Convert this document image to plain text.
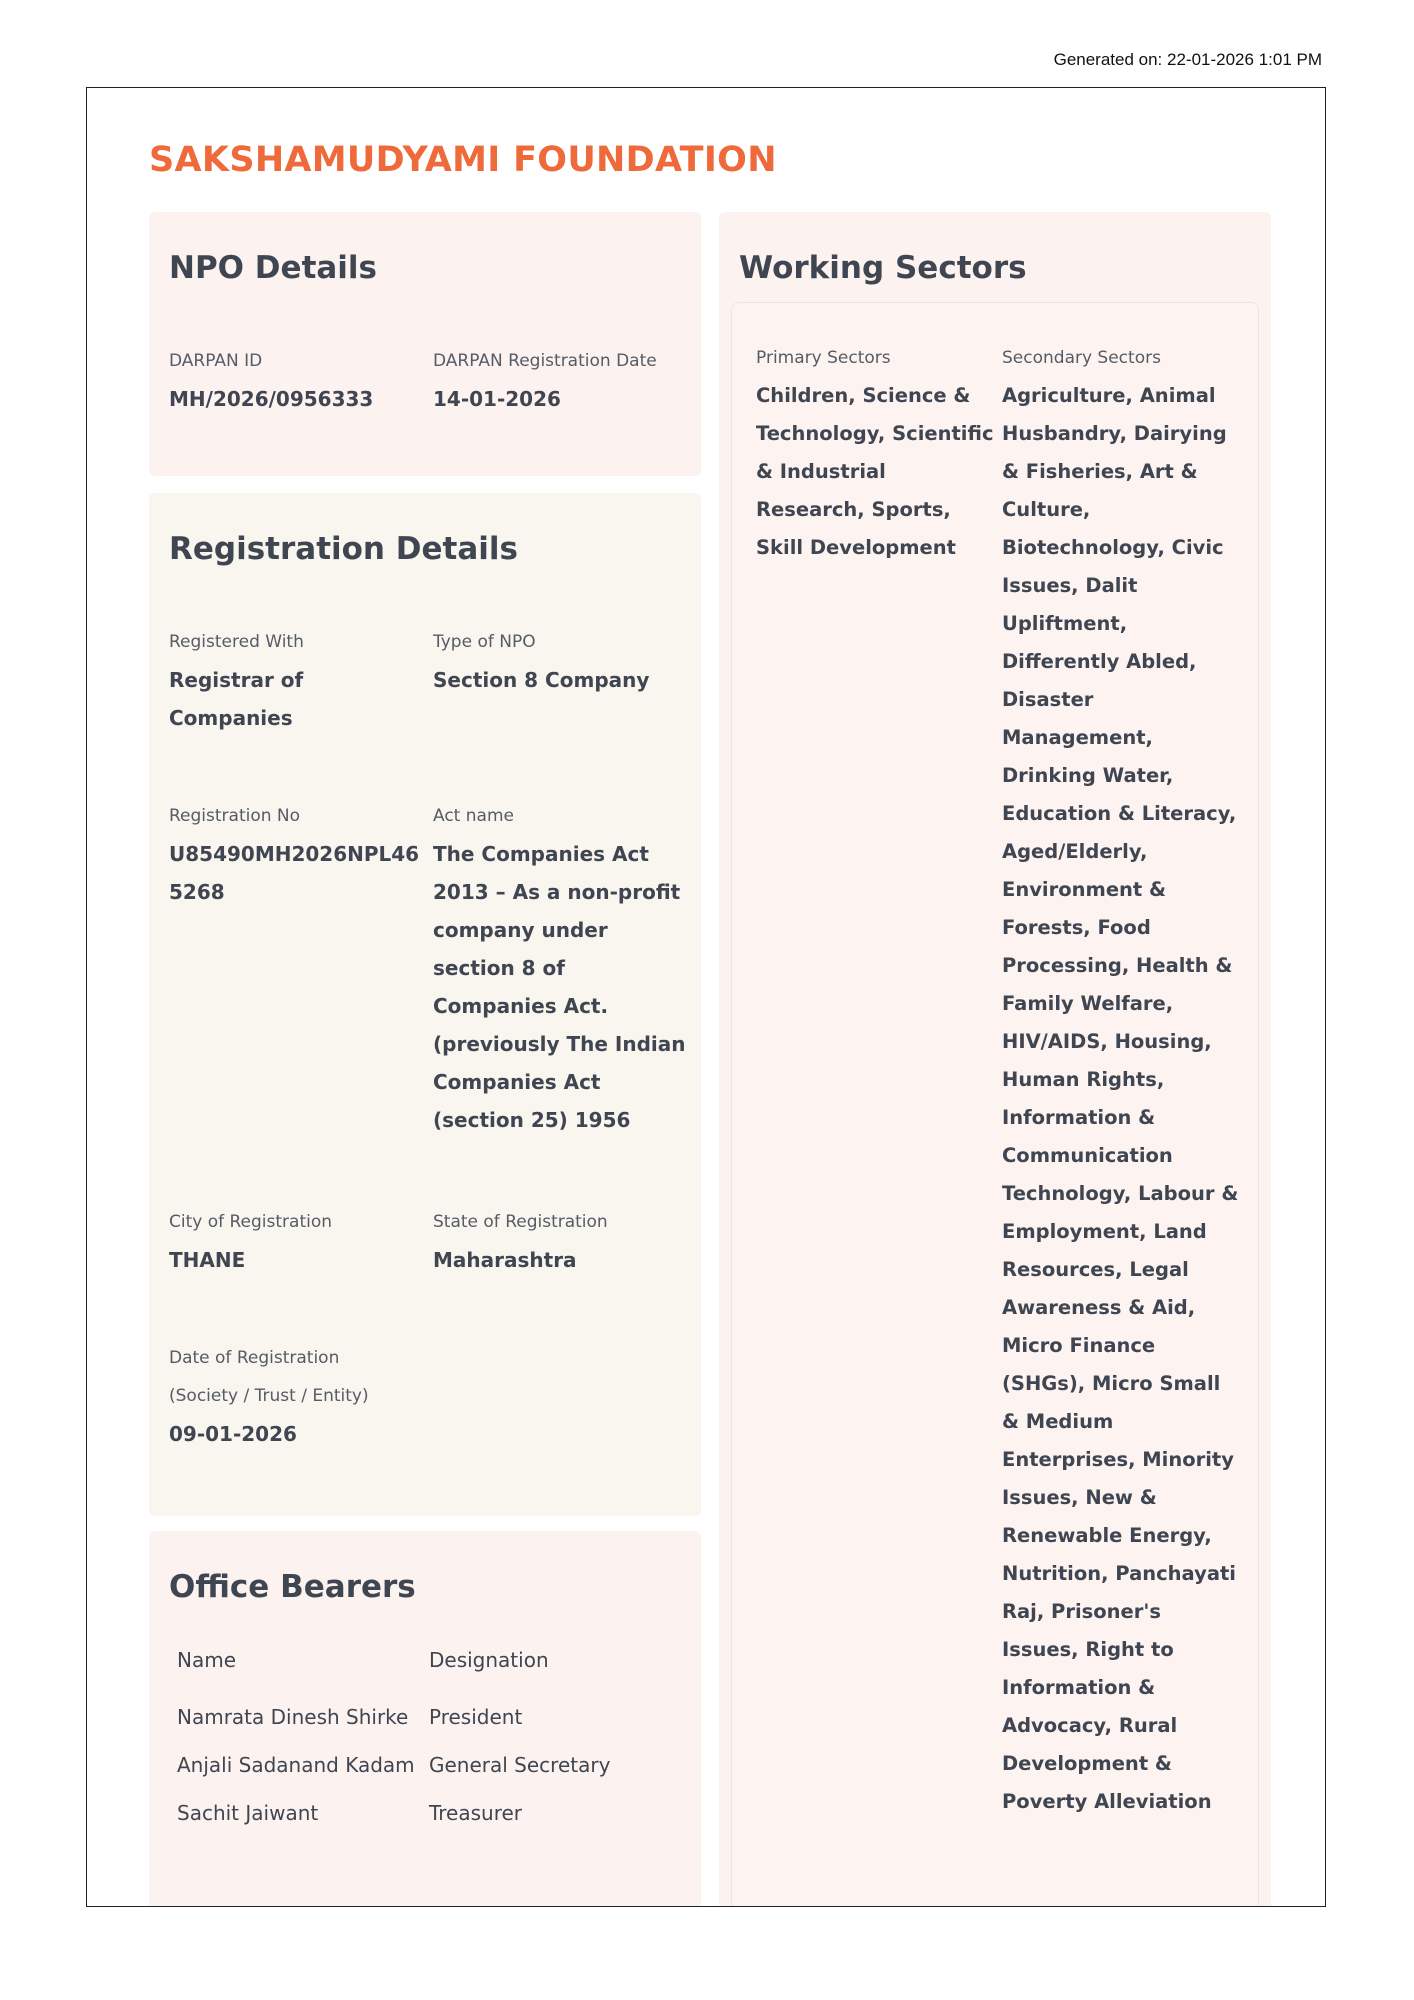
Generated on: 22-01-2026 1:01 PM
SAKSHAMUDYAMI FOUNDATION
NPO Details
DARPAN ID
MH/2026/0956333
DARPAN Registration Date
14-01-2026
Registration Details
Registered With
Registrar of Companies
Type of NPO
Section 8 Company
Registration No
U85490MH2026NPL46 5268
Act name
The Companies Act 2013 – As a non-profit company under section 8 of Companies Act. (previously The Indian Companies Act (section 25) 1956
City of Registration
THANE
State of Registration
Maharashtra
Date of Registration (Society / Trust / Entity)
09-01-2026
Office Bearers
Name	Designation
Namrata Dinesh Shirke	President
Anjali Sadanand Kadam	General Secretary
Sachit Jaiwant	Treasurer
Working Sectors
Primary Sectors
Children, Science & Technology, Scientific & Industrial Research, Sports, Skill Development
Secondary Sectors
Agriculture, Animal Husbandry, Dairying & Fisheries, Art & Culture, Biotechnology, Civic Issues, Dalit Upliftment, Differently Abled, Disaster Management, Drinking Water, Education & Literacy, Aged/Elderly, Environment & Forests, Food Processing, Health & Family Welfare, HIV/AIDS, Housing, Human Rights, Information & Communication Technology, Labour & Employment, Land Resources, Legal Awareness & Aid, Micro Finance (SHGs), Micro Small & Medium Enterprises, Minority Issues, New & Renewable Energy, Nutrition, Panchayati Raj, Prisoner's Issues, Right to Information & Advocacy, Rural Development & Poverty Alleviation
